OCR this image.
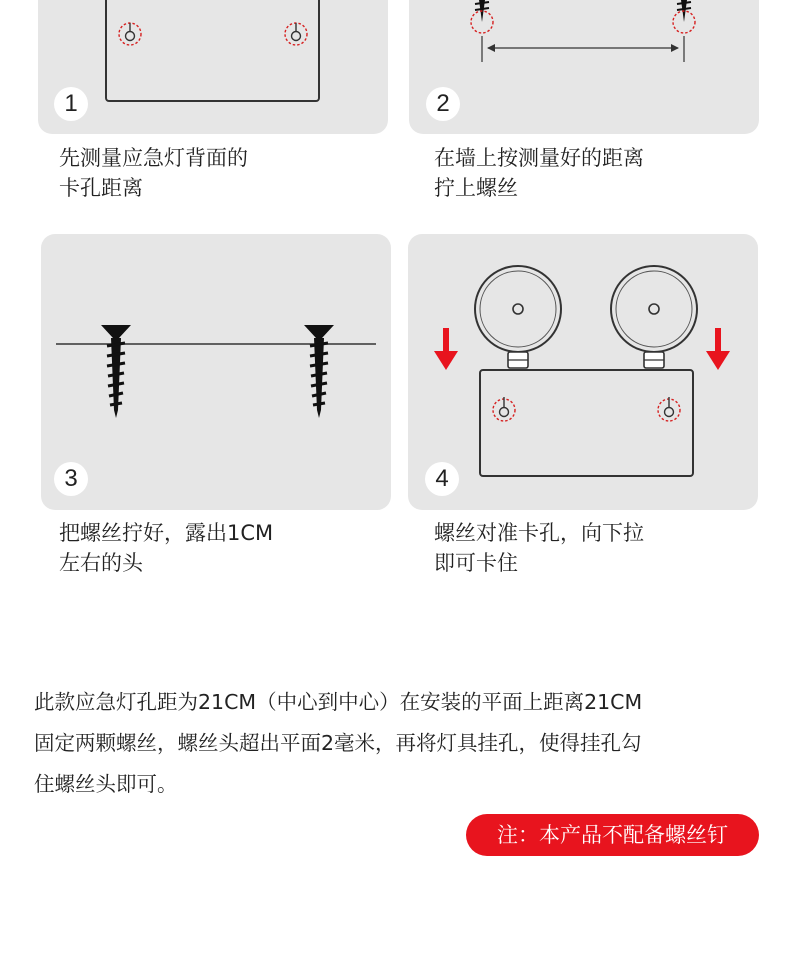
1	2
先测量应急灯背面的
卡孔距离
在墙上按测量好的距离
拧上螺丝
3	4
把螺丝拧好，露出1CM
左右的头
螺丝对准卡孔，向下拉
即可卡住
此款应急灯孔距为21CM（中心到中心）在安装的平面上距离21CM
固定两颗螺丝，螺丝头超出平面2毫米，再将灯具挂孔，使得挂孔勾
住螺丝头即可。
注：本产品不配备螺丝钉
